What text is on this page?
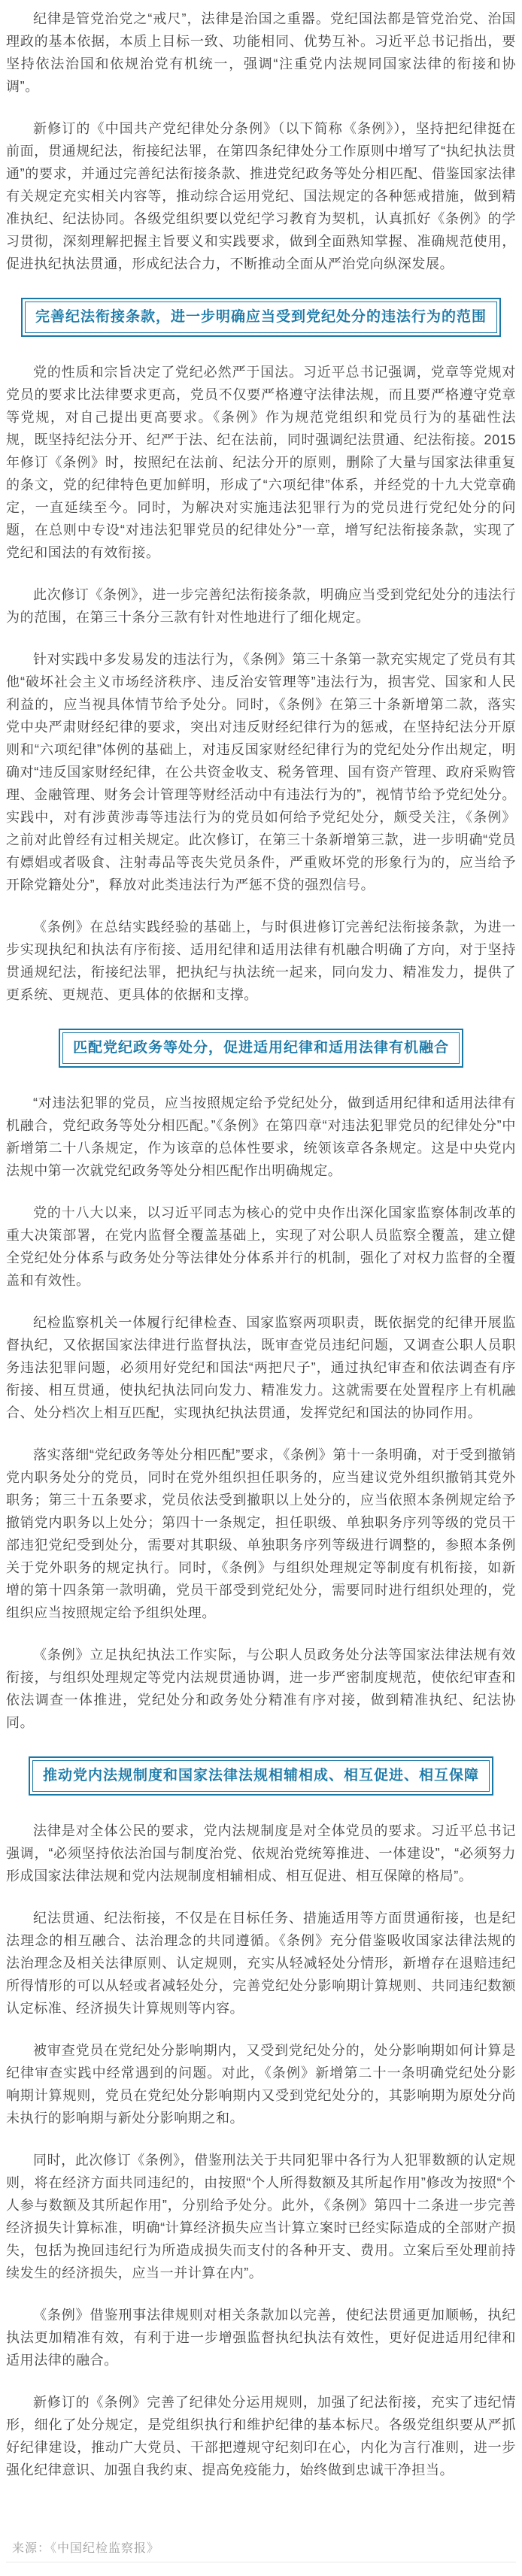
纪律是管党治党之“戒尺”，法律是治国之重器。党纪国法都是管党治党、治国理政的基本依据，本质上目标一致、功能相同、优势互补。习近平总书记指出，要坚持依法治国和依规治党有机统一，强调“注重党内法规同国家法律的衔接和协调”。

新修订的《中国共产党纪律处分条例》（以下简称《条例》），坚持把纪律挺在前面，贯通规纪法，衔接纪法罪，在第四条纪律处分工作原则中增写了“执纪执法贯通”的要求，并通过完善纪法衔接条款、推进党纪政务等处分相匹配、借鉴国家法律有关规定充实相关内容等，推动综合运用党纪、国法规定的各种惩戒措施，做到精准执纪、纪法协同。各级党组织要以党纪学习教育为契机，认真抓好《条例》的学习贯彻，深刻理解把握主旨要义和实践要求，做到全面熟知掌握、准确规范使用，促进执纪执法贯通，形成纪法合力，不断推动全面从严治党向纵深发展。

完善纪法衔接条款，进一步明确应当受到党纪处分的违法行为的范围

党的性质和宗旨决定了党纪必然严于国法。习近平总书记强调，党章等党规对党员的要求比法律要求更高，党员不仅要严格遵守法律法规，而且要严格遵守党章等党规，对自己提出更高要求。《条例》作为规范党组织和党员行为的基础性法规，既坚持纪法分开、纪严于法、纪在法前，同时强调纪法贯通、纪法衔接。2015年修订《条例》时，按照纪在法前、纪法分开的原则，删除了大量与国家法律重复的条文，党的纪律特色更加鲜明，形成了“六项纪律”体系，并经党的十九大党章确定，一直延续至今。同时，为解决对实施违法犯罪行为的党员进行党纪处分的问题，在总则中专设“对违法犯罪党员的纪律处分”一章，增写纪法衔接条款，实现了党纪和国法的有效衔接。

此次修订《条例》，进一步完善纪法衔接条款，明确应当受到党纪处分的违法行为的范围，在第三十条分三款有针对性地进行了细化规定。

针对实践中多发易发的违法行为，《条例》第三十条第一款充实规定了党员有其他“破坏社会主义市场经济秩序、违反治安管理等”违法行为，损害党、国家和人民利益的，应当视具体情节给予处分。同时，《条例》在第三十条新增第二款，落实党中央严肃财经纪律的要求，突出对违反财经纪律行为的惩戒，在坚持纪法分开原则和“六项纪律”体例的基础上，对违反国家财经纪律行为的党纪处分作出规定，明确对“违反国家财经纪律，在公共资金收支、税务管理、国有资产管理、政府采购管理、金融管理、财务会计管理等财经活动中有违法行为的”，视情节给予党纪处分。实践中，对有涉黄涉毒等违法行为的党员如何给予党纪处分，颇受关注，《条例》之前对此曾经有过相关规定。此次修订，在第三十条新增第三款，进一步明确“党员有嫖娼或者吸食、注射毒品等丧失党员条件，严重败坏党的形象行为的，应当给予开除党籍处分”，释放对此类违法行为严惩不贷的强烈信号。

《条例》在总结实践经验的基础上，与时俱进修订完善纪法衔接条款，为进一步实现执纪和执法有序衔接、适用纪律和适用法律有机融合明确了方向，对于坚持贯通规纪法，衔接纪法罪，把执纪与执法统一起来，同向发力、精准发力，提供了更系统、更规范、更具体的依据和支撑。

匹配党纪政务等处分，促进适用纪律和适用法律有机融合

“对违法犯罪的党员，应当按照规定给予党纪处分，做到适用纪律和适用法律有机融合，党纪政务等处分相匹配。”《条例》在第四章“对违法犯罪党员的纪律处分”中新增第二十八条规定，作为该章的总体性要求，统领该章各条规定。这是中央党内法规中第一次就党纪政务等处分相匹配作出明确规定。

党的十八大以来，以习近平同志为核心的党中央作出深化国家监察体制改革的重大决策部署，在党内监督全覆盖基础上，实现了对公职人员监察全覆盖，建立健全党纪处分体系与政务处分等法律处分体系并行的机制，强化了对权力监督的全覆盖和有效性。

纪检监察机关一体履行纪律检查、国家监察两项职责，既依据党的纪律开展监督执纪，又依据国家法律进行监督执法，既审查党员违纪问题，又调查公职人员职务违法犯罪问题，必须用好党纪和国法“两把尺子”，通过执纪审查和依法调查有序衔接、相互贯通，使执纪执法同向发力、精准发力。这就需要在处置程序上有机融合、处分档次上相互匹配，实现执纪执法贯通，发挥党纪和国法的协同作用。

落实落细“党纪政务等处分相匹配”要求，《条例》第十一条明确，对于受到撤销党内职务处分的党员，同时在党外组织担任职务的，应当建议党外组织撤销其党外职务；第三十五条要求，党员依法受到撤职以上处分的，应当依照本条例规定给予撤销党内职务以上处分；第四十一条规定，担任职级、单独职务序列等级的党员干部违犯党纪受到处分，需要对其职级、单独职务序列等级进行调整的，参照本条例关于党外职务的规定执行。同时，《条例》与组织处理规定等制度有机衔接，如新增的第十四条第一款明确，党员干部受到党纪处分，需要同时进行组织处理的，党组织应当按照规定给予组织处理。

《条例》立足执纪执法工作实际，与公职人员政务处分法等国家法律法规有效衔接，与组织处理规定等党内法规贯通协调，进一步严密制度规范，使依纪审查和依法调查一体推进，党纪处分和政务处分精准有序对接，做到精准执纪、纪法协同。

推动党内法规制度和国家法律法规相辅相成、相互促进、相互保障

法律是对全体公民的要求，党内法规制度是对全体党员的要求。习近平总书记强调，“必须坚持依法治国与制度治党、依规治党统筹推进、一体建设”，“必须努力形成国家法律法规和党内法规制度相辅相成、相互促进、相互保障的格局”。

纪法贯通、纪法衔接，不仅是在目标任务、措施适用等方面贯通衔接，也是纪法理念的相互融合、法治理念的共同遵循。《条例》充分借鉴吸收国家法律法规的法治理念及相关法律原则、认定规则，充实从轻减轻处分情形，新增存在退赔违纪所得情形的可以从轻或者减轻处分，完善党纪处分影响期计算规则、共同违纪数额认定标准、经济损失计算规则等内容。

被审查党员在党纪处分影响期内，又受到党纪处分的，处分影响期如何计算是纪律审查实践中经常遇到的问题。对此，《条例》新增第二十一条明确党纪处分影响期计算规则，党员在党纪处分影响期内又受到党纪处分的，其影响期为原处分尚未执行的影响期与新处分影响期之和。

同时，此次修订《条例》，借鉴刑法关于共同犯罪中各行为人犯罪数额的认定规则，将在经济方面共同违纪的，由按照“个人所得数额及其所起作用”修改为按照“个人参与数额及其所起作用”，分别给予处分。此外，《条例》第四十二条进一步完善经济损失计算标准，明确“计算经济损失应当计算立案时已经实际造成的全部财产损失，包括为挽回违纪行为所造成损失而支付的各种开支、费用。立案后至处理前持续发生的经济损失，应当一并计算在内”。

《条例》借鉴刑事法律规则对相关条款加以完善，使纪法贯通更加顺畅，执纪执法更加精准有效，有利于进一步增强监督执纪执法有效性，更好促进适用纪律和适用法律的融合。

新修订的《条例》完善了纪律处分运用规则，加强了纪法衔接，充实了违纪情形，细化了处分规定，是党组织执行和维护纪律的基本标尺。各级党组织要从严抓好纪律建设，推动广大党员、干部把遵规守纪刻印在心，内化为言行准则，进一步强化纪律意识、加强自我约束、提高免疫能力，始终做到忠诚干净担当。

来源：《中国纪检监察报》
